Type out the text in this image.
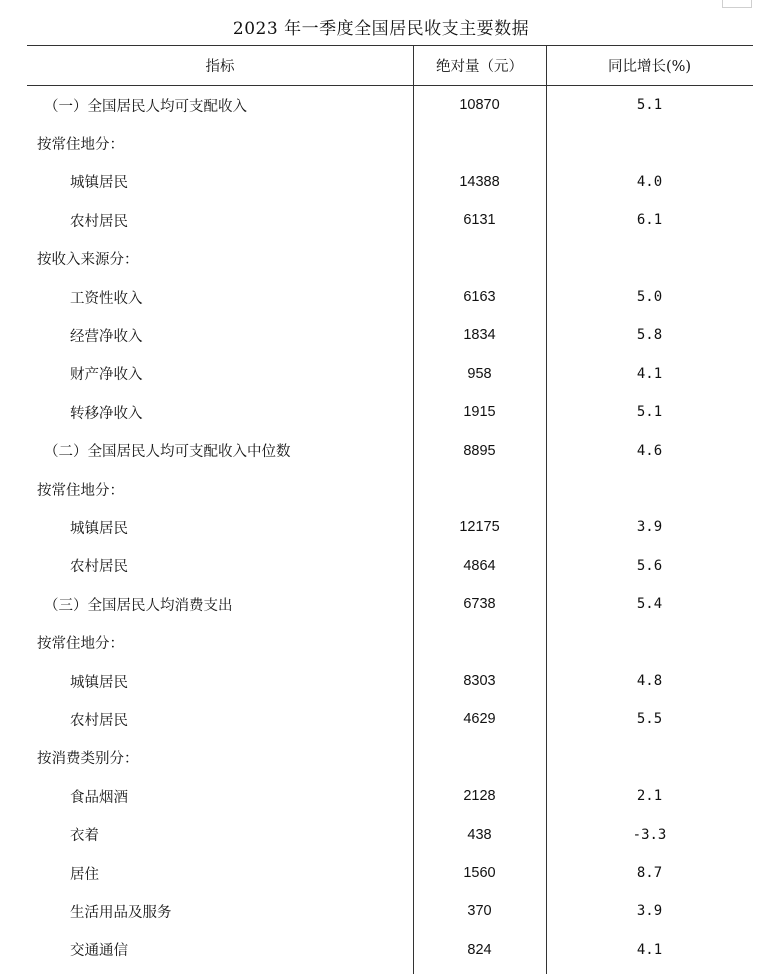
2023 年一季度全国居民收支主要数据
指标	绝对量（元）	同比增长(%)
（一）全国居民人均可支配收入	10870	5.1
按常住地分：
城镇居民	14388	4.0
农村居民	6131	6.1
按收入来源分：
工资性收入	6163	5.0
经营净收入	1834	5.8
财产净收入	958	4.1
转移净收入	1915	5.1
（二）全国居民人均可支配收入中位数	8895	4.6
按常住地分：
城镇居民	12175	3.9
农村居民	4864	5.6
（三）全国居民人均消费支出	6738	5.4
按常住地分：
城镇居民	8303	4.8
农村居民	4629	5.5
按消费类别分：
食品烟酒	2128	2.1
衣着	438	-3.3
居住	1560	8.7
生活用品及服务	370	3.9
交通通信	824	4.1
